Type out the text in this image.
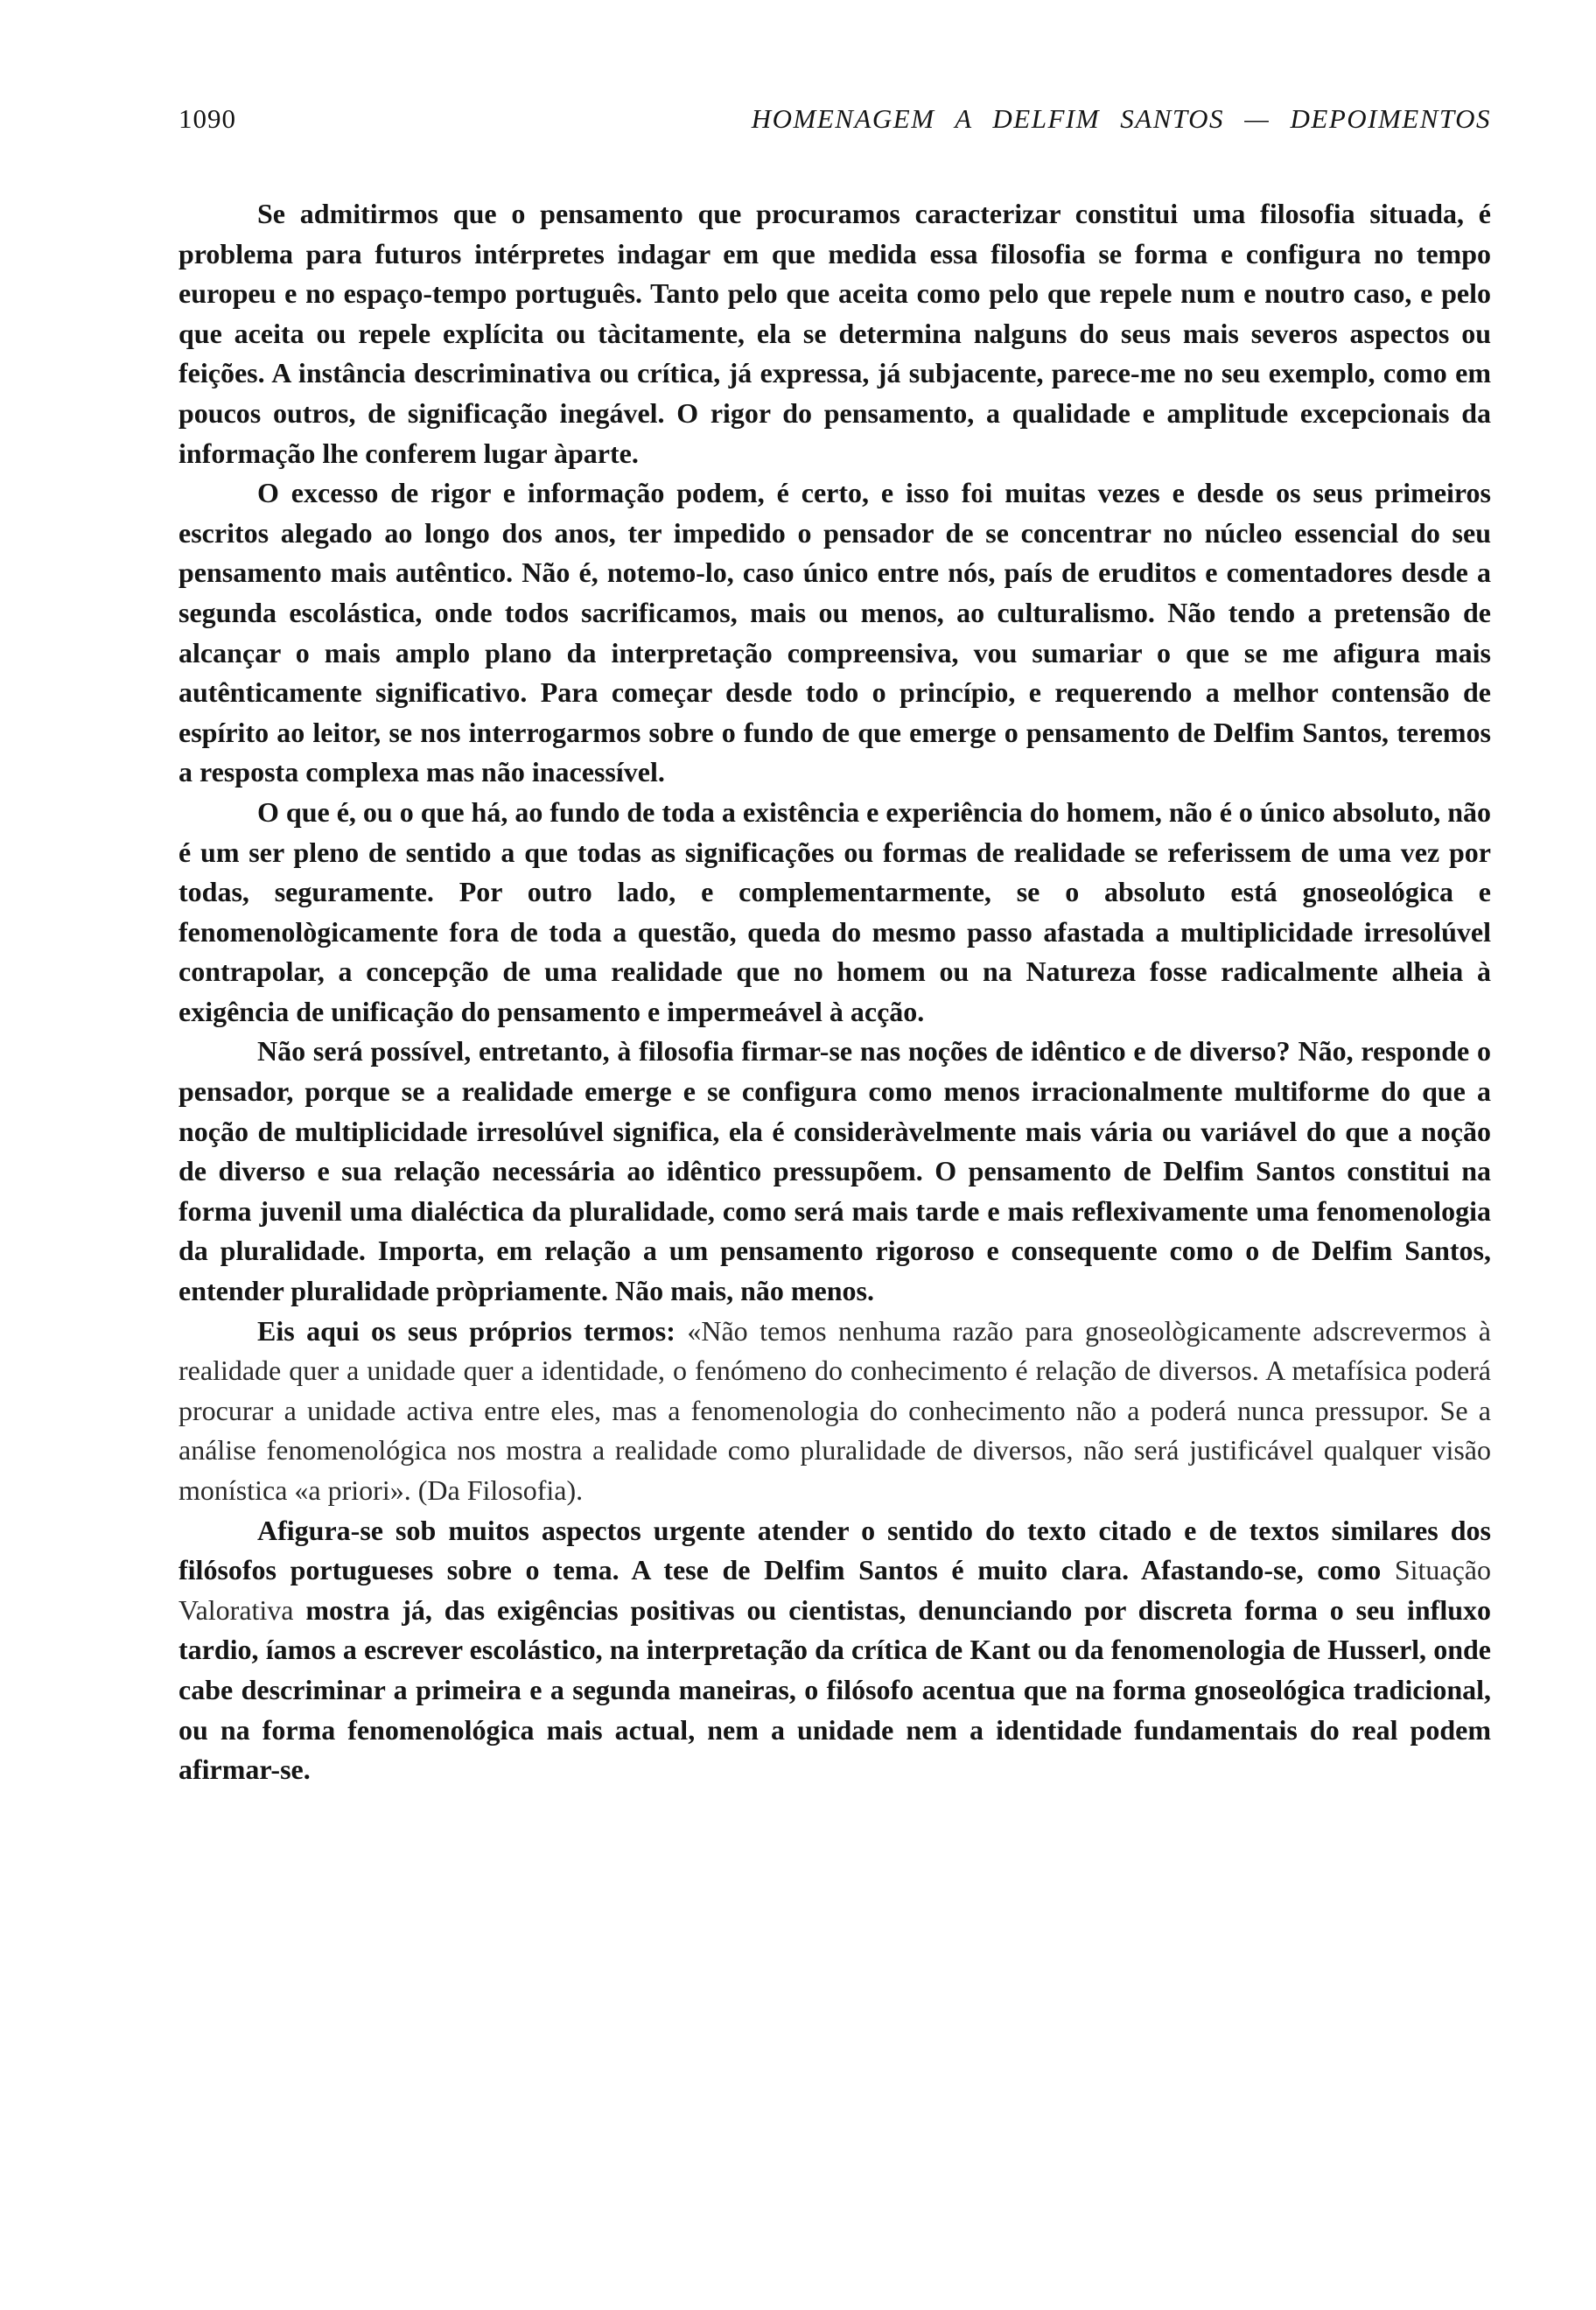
1090	HOMENAGEM A DELFIM SANTOS — DEPOIMENTOS

Se admitirmos que o pensamento que procuramos caracterizar constitui uma filosofia situada, é problema para futuros intérpretes indagar em que medida essa filosofia se forma e configura no tempo europeu e no espaço-tempo português. Tanto pelo que aceita como pelo que repele num e noutro caso, e pelo que aceita ou repele explícita ou tàcitamente, ela se determina nalguns do seus mais severos aspectos ou feições. A instância descriminativa ou crítica, já expressa, já subjacente, parece-me no seu exemplo, como em poucos outros, de significação inegável. O rigor do pensamento, a qualidade e amplitude excepcionais da informação lhe conferem lugar àparte.

O excesso de rigor e informação podem, é certo, e isso foi muitas vezes e desde os seus primeiros escritos alegado ao longo dos anos, ter impedido o pensador de se concentrar no núcleo essencial do seu pensamento mais autêntico. Não é, notemo-lo, caso único entre nós, país de eruditos e comentadores desde a segunda escolástica, onde todos sacrificamos, mais ou menos, ao culturalismo. Não tendo a pretensão de alcançar o mais amplo plano da interpretação compreensiva, vou sumariar o que se me afigura mais autênticamente significativo. Para começar desde todo o princípio, e requerendo a melhor contensão de espírito ao leitor, se nos interrogarmos sobre o fundo de que emerge o pensamento de Delfim Santos, teremos a resposta complexa mas não inacessível.

O que é, ou o que há, ao fundo de toda a existência e experiência do homem, não é o único absoluto, não é um ser pleno de sentido a que todas as significações ou formas de realidade se referissem de uma vez por todas, seguramente. Por outro lado, e complementarmente, se o absoluto está gnoseológica e fenomenològicamente fora de toda a questão, queda do mesmo passo afastada a multiplicidade irresolúvel contrapolar, a concepção de uma realidade que no homem ou na Natureza fosse radicalmente alheia à exigência de unificação do pensamento e impermeável à acção.

Não será possível, entretanto, à filosofia firmar-se nas noções de idêntico e de diverso? Não, responde o pensador, porque se a realidade emerge e se configura como menos irracionalmente multiforme do que a noção de multiplicidade irresolúvel significa, ela é consideràvelmente mais vária ou variável do que a noção de diverso e sua relação necessária ao idêntico pressupõem. O pensamento de Delfim Santos constitui na forma juvenil uma dialéctica da pluralidade, como será mais tarde e mais reflexivamente uma fenomenologia da pluralidade. Importa, em relação a um pensamento rigoroso e consequente como o de Delfim Santos, entender pluralidade pròpriamente. Não mais, não menos.

Eis aqui os seus próprios termos: «Não temos nenhuma razão para gnoseològicamente adscrevermos à realidade quer a unidade quer a identidade, o fenómeno do conhecimento é relação de diversos. A metafísica poderá procurar a unidade activa entre eles, mas a fenomenologia do conhecimento não a poderá nunca pressupor. Se a análise fenomenológica nos mostra a realidade como pluralidade de diversos, não será justificável qualquer visão monística «a priori». (Da Filosofia).

Afigura-se sob muitos aspectos urgente atender o sentido do texto citado e de textos similares dos filósofos portugueses sobre o tema. A tese de Delfim Santos é muito clara. Afastando-se, como Situação Valorativa mostra já, das exigências positivas ou cientistas, denunciando por discreta forma o seu influxo tardio, íamos a escrever escolástico, na interpretação da crítica de Kant ou da fenomenologia de Husserl, onde cabe descriminar a primeira e a segunda maneiras, o filósofo acentua que na forma gnoseológica tradicional, ou na forma fenomenológica mais actual, nem a unidade nem a identidade fundamentais do real podem afirmar-se.
